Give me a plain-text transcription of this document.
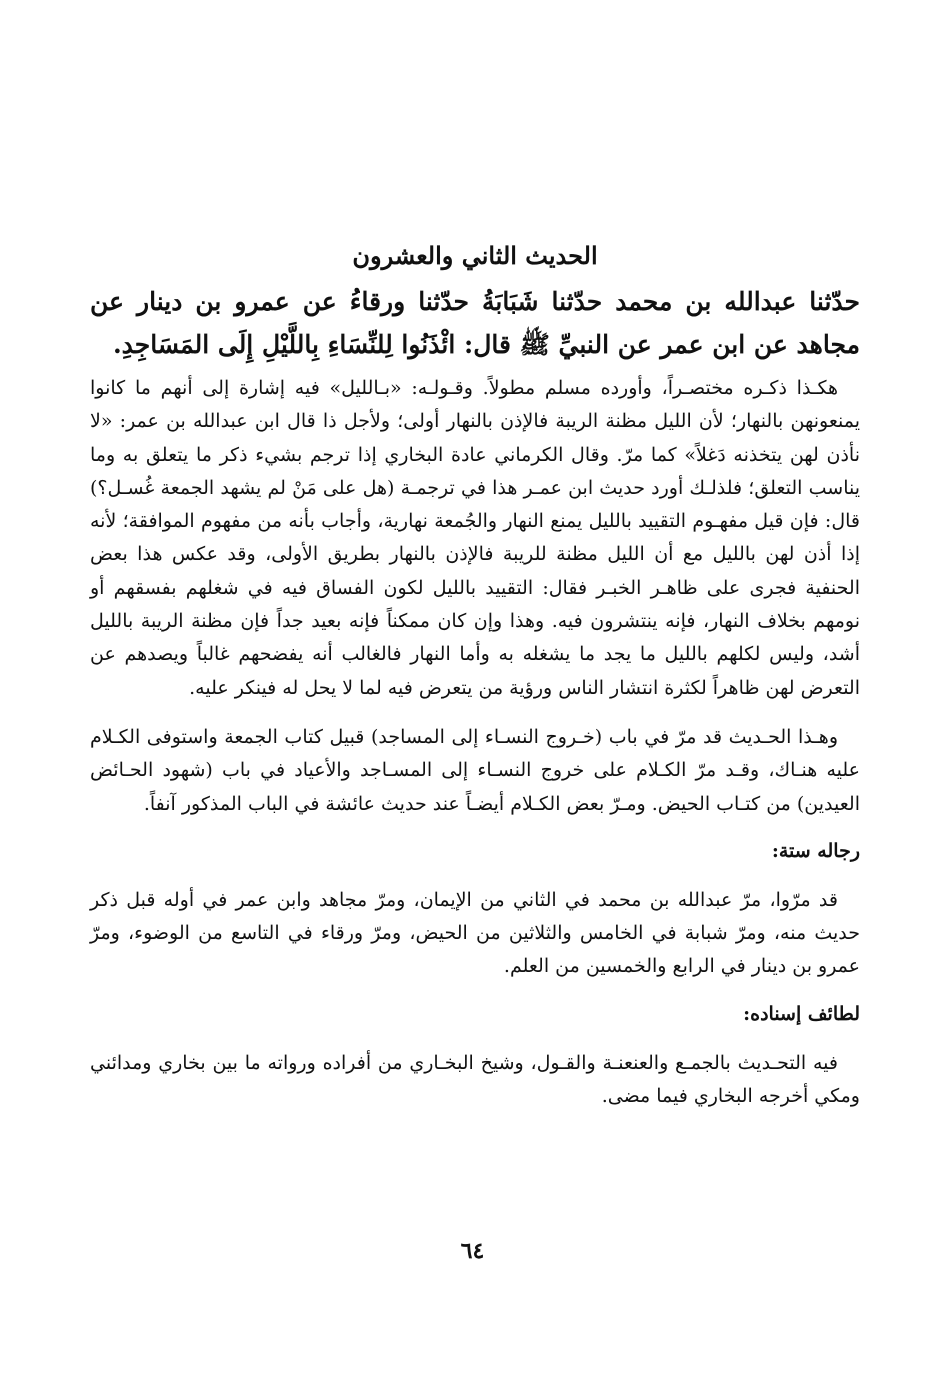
الحديث الثاني والعشرون

حدّثنا عبدالله بن محمد حدّثنا شَبَابَةُ حدّثنا ورقاءُ عن عمرو بن دينار عن مجاهد عن ابن عمر عن النبيِّ ﷺ قال: ائْذَنُوا لِلنِّسَاءِ بِاللَّيْلِ إِلَى المَسَاجِدِ.

هكـذا ذكـره مختصـراً، وأورده مسلم مطولاً. وقـولـه: «بـالليل» فيه إشارة إلى أنهم ما كانوا يمنعونهن بالنهار؛ لأن الليل مظنة الريبة فالإذن بالنهار أولى؛ ولأجل ذا قال ابن عبدالله بن عمر: «لا نأذن لهن يتخذنه دَغلاً» كما مرّ. وقال الكرماني عادة البخاري إذا ترجم بشيء ذكر ما يتعلق به وما يناسب التعلق؛ فلذلـك أورد حديث ابن عمـر هذا في ترجمـة (هل على مَنْ لم يشهد الجمعة غُسـل؟) قال: فإن قيل مفهـوم التقييد بالليل يمنع النهار والجُمعة نهارية، وأجاب بأنه من مفهوم الموافقة؛ لأنه إذا أذن لهن بالليل مع أن الليل مظنة للريبة فالإذن بالنهار بطريق الأولى، وقد عكس هذا بعض الحنفية فجرى على ظاهـر الخبـر فقال: التقييد بالليل لكون الفساق فيه في شغلهم بفسقهم أو نومهم بخلاف النهار، فإنه ينتشرون فيه. وهذا وإن كان ممكناً فإنه بعيد جداً فإن مظنة الريبة بالليل أشد، وليس لكلهم بالليل ما يجد ما يشغله به وأما النهار فالغالب أنه يفضحهم غالباً ويصدهم عن التعرض لهن ظاهراً لكثرة انتشار الناس ورؤية من يتعرض فيه لما لا يحل له فينكر عليه.

وهـذا الحـديث قد مرّ في باب (خـروج النسـاء إلى المساجد) قبيل كتاب الجمعة واستوفى الكـلام عليه هنـاك، وقـد مرّ الكـلام على خروج النسـاء إلى المسـاجد والأعياد في باب (شهود الحـائض العيدين) من كتـاب الحيض. ومـرّ بعض الكـلام أيضـاً عند حديث عائشة في الباب المذكور آنفاً.

رجاله ستة:

قد مرّوا، مرّ عبدالله بن محمد في الثاني من الإيمان، ومرّ مجاهد وابن عمر في أوله قبل ذكر حديث منه، ومرّ شبابة في الخامس والثلاثين من الحيض، ومرّ ورقاء في التاسع من الوضوء، ومرّ عمرو بن دينار في الرابع والخمسين من العلم.

لطائف إسناده:

فيه التحـديث بالجمـع والعنعنـة والقـول، وشيخ البخـاري من أفراده ورواته ما بين بخاري ومدائني ومكي أخرجه البخاري فيما مضى.

٦٤
